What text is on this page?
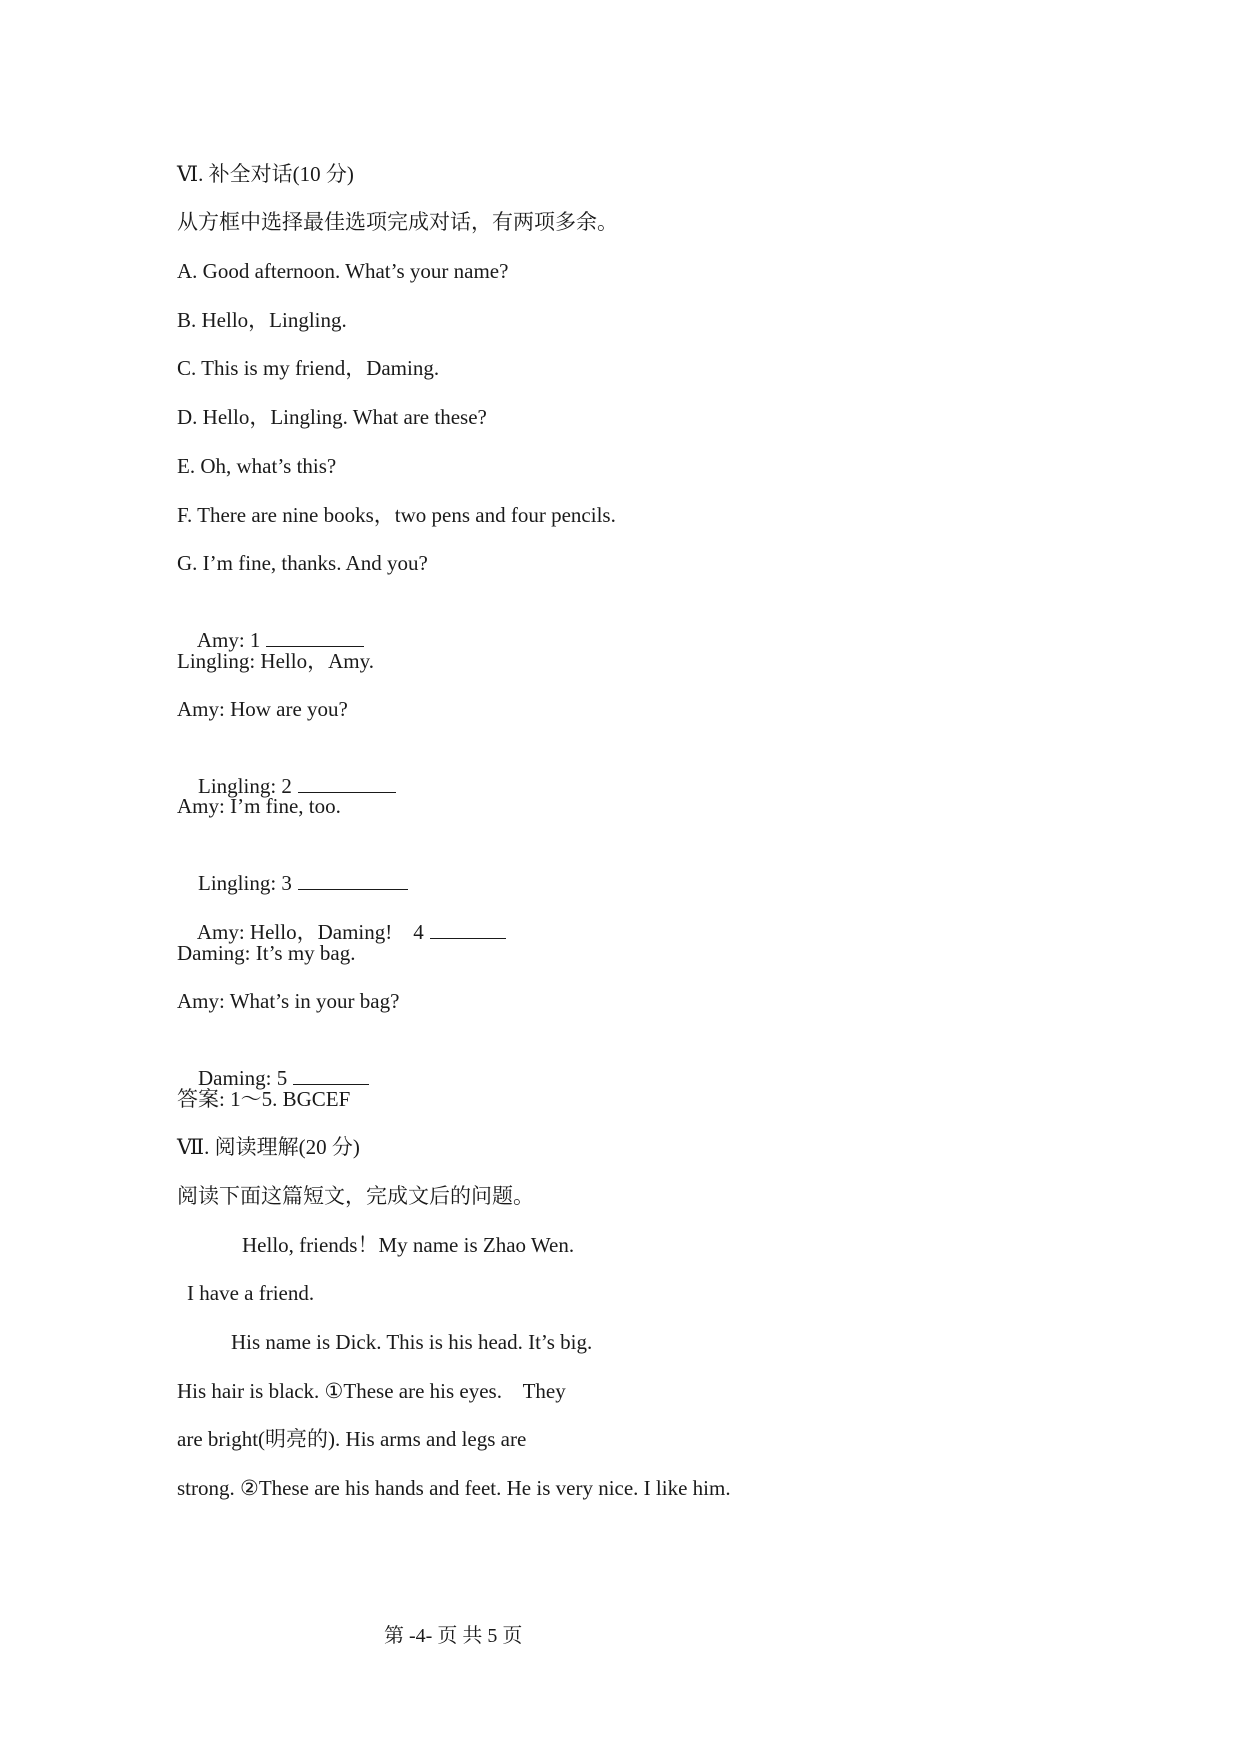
Ⅵ. 补全对话(10 分)
从方框中选择最佳选项完成对话，有两项多余。
A. Good afternoon. What’s your name?
B. Hello，Lingling.
C. This is my friend，Daming.
D. Hello，Lingling. What are these?
E. Oh, what’s this?
F. There are nine books，two pens and four pencils.
G. I’m fine, thanks. And you?

Amy: 1

Lingling: Hello，Amy.
Amy: How are you?

Lingling: 2

Amy: I’m fine, too.

Lingling: 3

Amy: Hello，Daming!    4

Daming: It’s my bag.
Amy: What’s in your bag?

Daming: 5

答案: 1～5. BGCEF
Ⅶ. 阅读理解(20 分)
阅读下面这篇短文，完成文后的问题。
Hello, friends！My name is Zhao Wen.
I have a friend.
His name is Dick. This is his head. It’s big.
His hair is black. ①These are his eyes.    They
are bright(明亮的). His arms and legs are
strong. ②These are his hands and feet. He is very nice. I like him.
第 -4- 页 共 5 页
